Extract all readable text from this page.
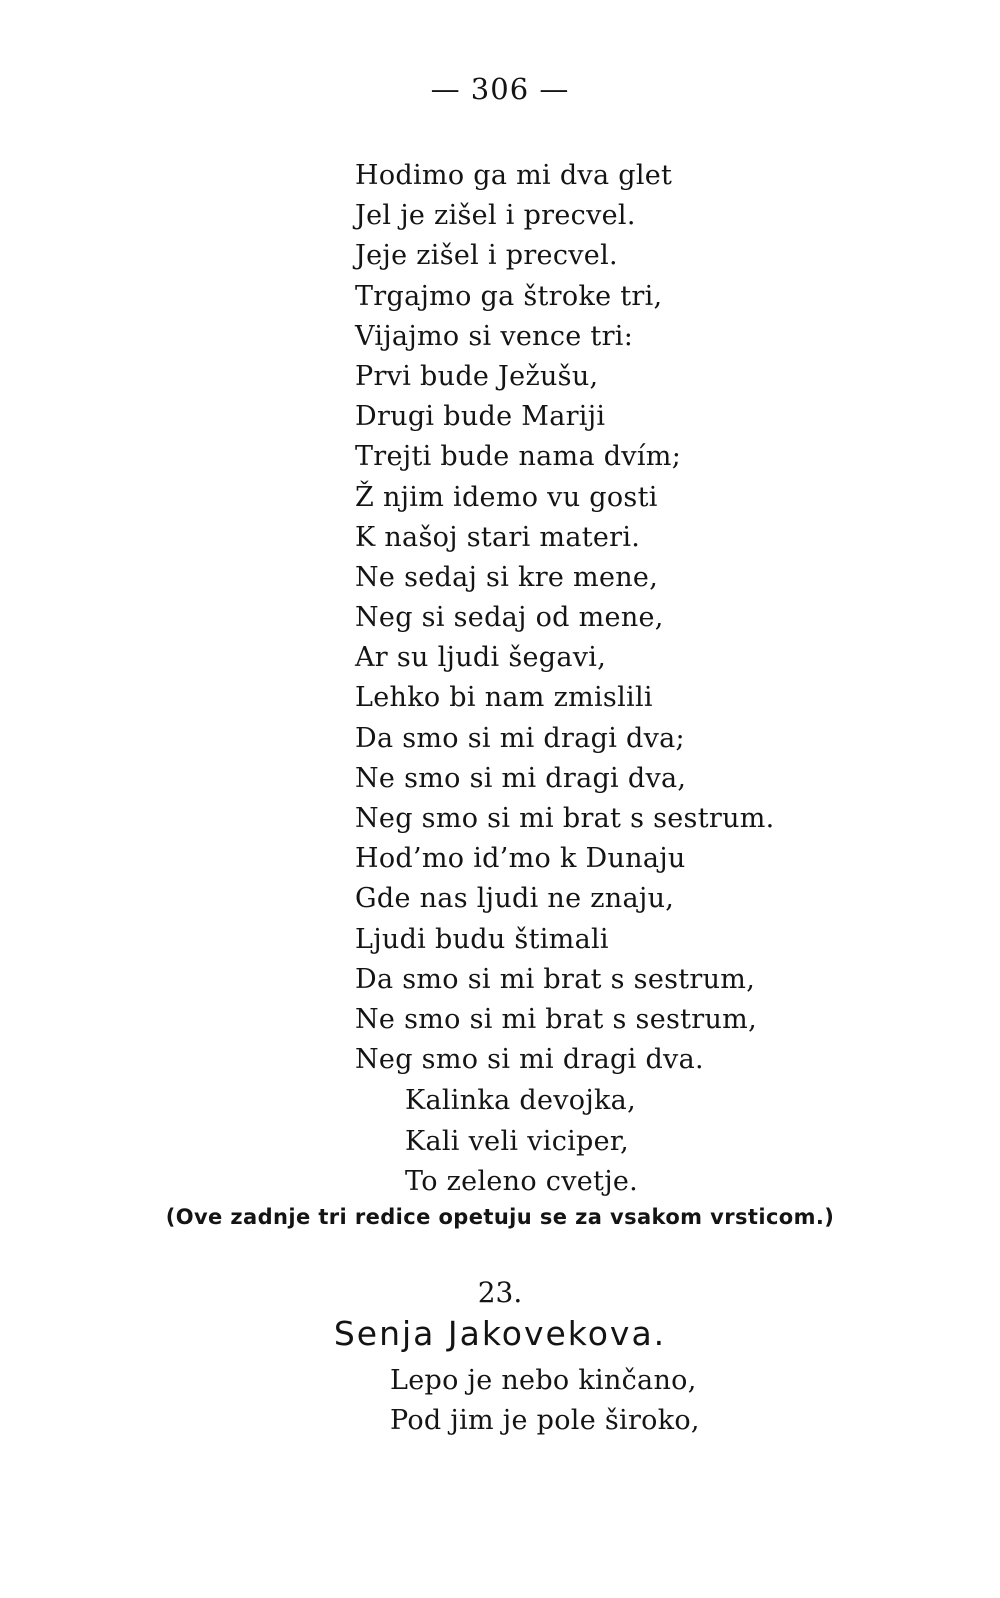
— 306 —
Hodimo ga mi dva glet
Jel je zišel i precvel.
Jeje zišel i precvel.
Trgajmo ga štroke tri,
Vijajmo si vence tri:
Prvi bude Ježušu,
Drugi bude Mariji
Trejti bude nama dvím;
Ž njim idemo vu gosti
K našoj stari materi.
Ne sedaj si kre mene,
Neg si sedaj od mene,
Ar su ljudi šegavi,
Lehko bi nam zmislili
Da smo si mi dragi dva;
Ne smo si mi dragi dva,
Neg smo si mi brat s sestrum.
Hod’mo id’mo k Dunaju
Gde nas ljudi ne znaju,
Ljudi budu štimali
Da smo si mi brat s sestrum,
Ne smo si mi brat s sestrum,
Neg smo si mi dragi dva.
Kalinka devojka,
Kali veli viciper,
To zeleno cvetje.
(Ove zadnje tri redice opetuju se za vsakom vrsticom.)
23.
Senja Jakovekova.
Lepo je nebo kinčano,
Pod jim je pole široko,
